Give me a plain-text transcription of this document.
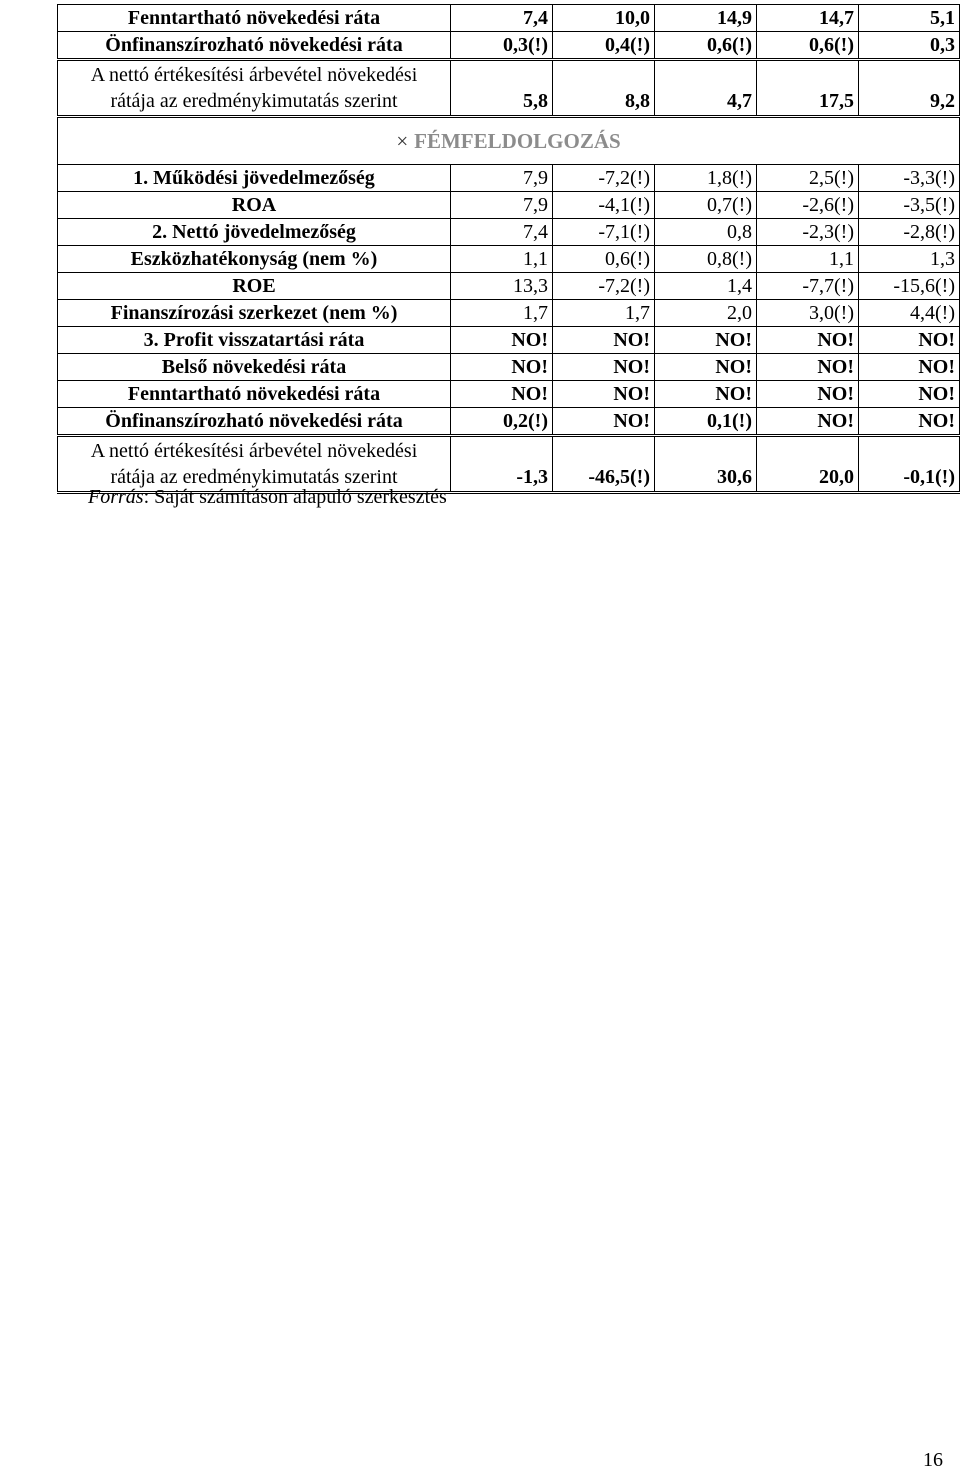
Fenntartható növekedési ráta	7,4	10,0	14,9	14,7	5,1
Önfinanszírozható növekedési ráta	0,3(!)	0,4(!)	0,6(!)	0,6(!)	0,3

A nettó értékesítési árbevétel növekedési
rátája az eredménykimutatás szerint	5,8	8,8	4,7	17,5	9,2
× FÉMFELDOLGOZÁS					
1. Működési jövedelmezőség	7,9	-7,2(!)	1,8(!)	2,5(!)	-3,3(!)
ROA	7,9	-4,1(!)	0,7(!)	-2,6(!)	-3,5(!)
2. Nettó jövedelmezőség	7,4	-7,1(!)	0,8	-2,3(!)	-2,8(!)
Eszközhatékonyság (nem %)	1,1	0,6(!)	0,8(!)	1,1	1,3
ROE	13,3	-7,2(!)	1,4	-7,7(!)	-15,6(!)
Finanszírozási szerkezet (nem %)	1,7	1,7	2,0	3,0(!)	4,4(!)
3. Profit visszatartási ráta	NO!	NO!	NO!	NO!	NO!
Belső növekedési ráta	NO!	NO!	NO!	NO!	NO!
Fenntartható növekedési ráta	NO!	NO!	NO!	NO!	NO!
Önfinanszírozható növekedési ráta	0,2(!)	NO!	0,1(!)	NO!	NO!

A nettó értékesítési árbevétel növekedési
rátája az eredménykimutatás szerint	-1,3	-46,5(!)	30,6	20,0	-0,1(!)
Forrás: Saját számításon alapuló szerkesztés
16
